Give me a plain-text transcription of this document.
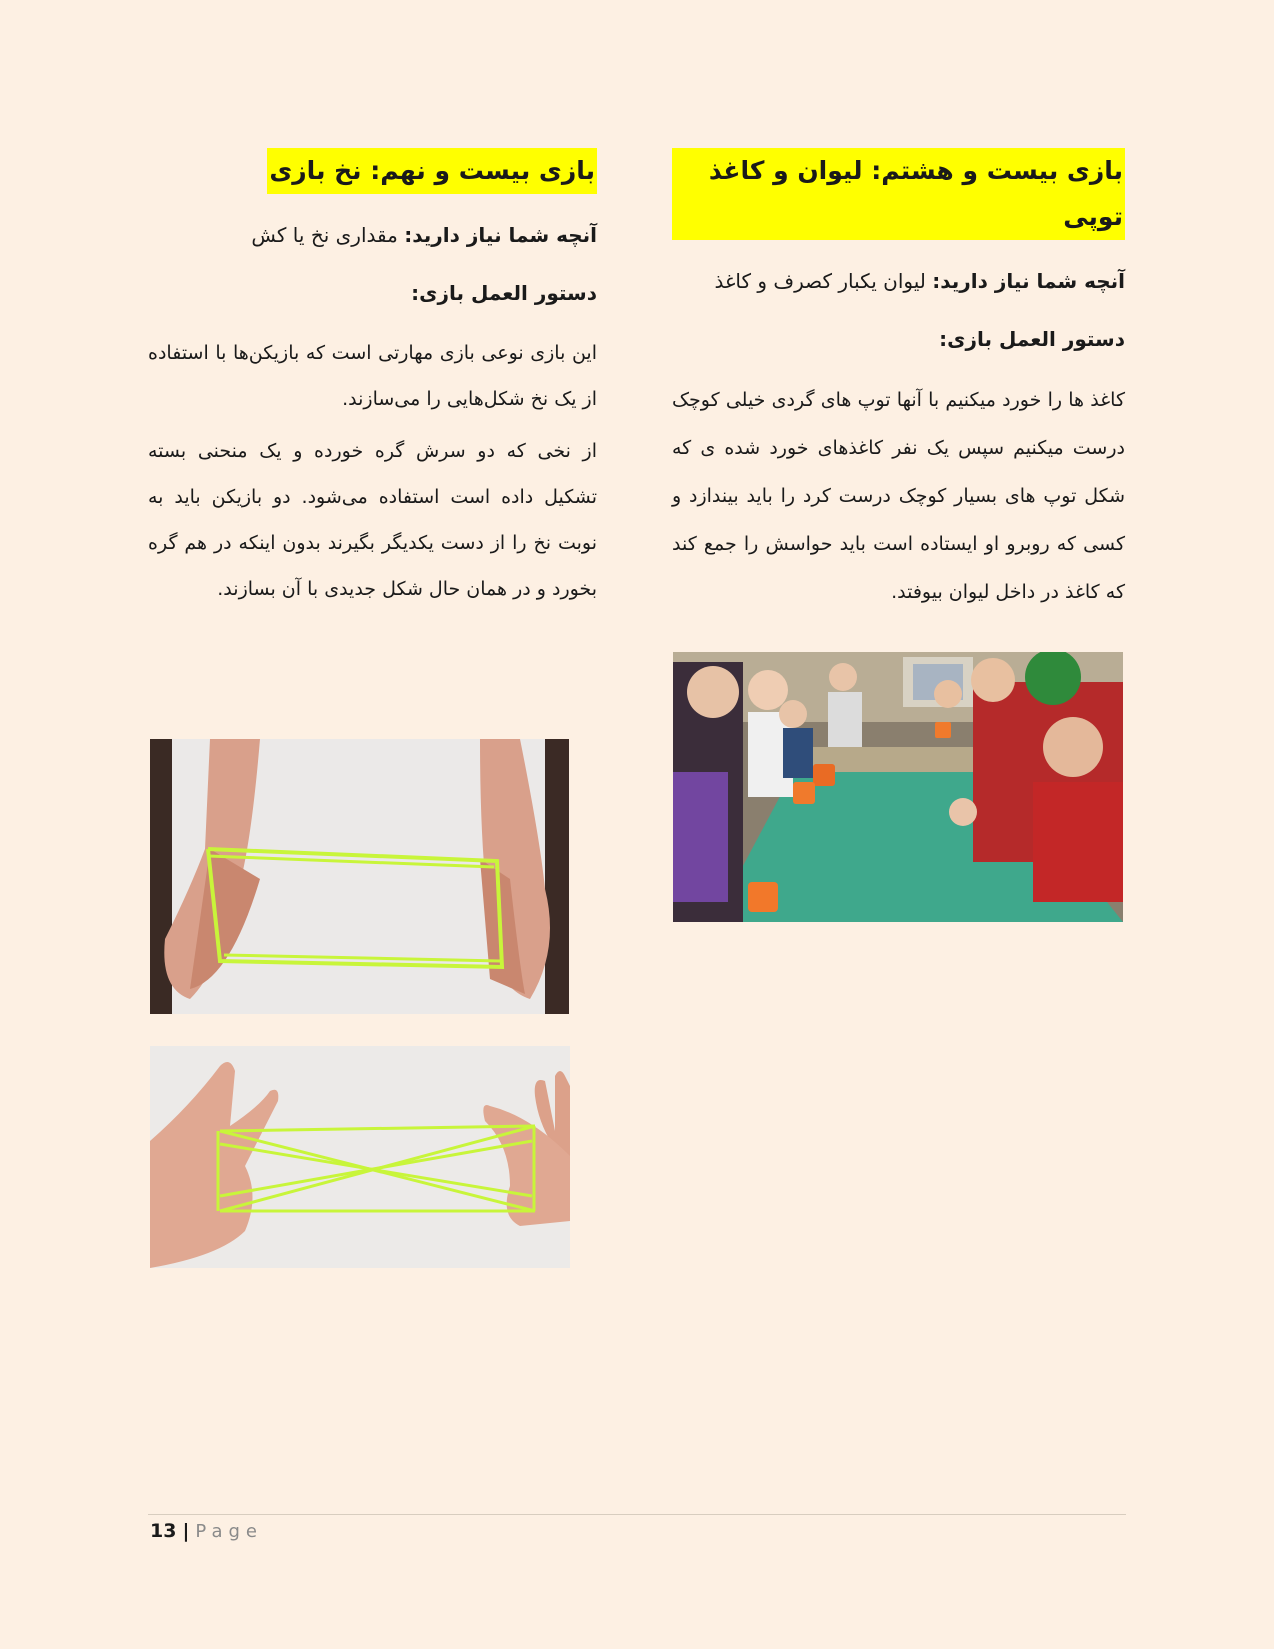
بازی بیست و هشتم: لیوان و کاغذ توپی
آنچه شما نیاز دارید: لیوان یکبار کصرف و کاغذ
دستور العمل بازی:
کاغذ ها را خورد میکنیم با آنها توپ های گردی خیلی کوچک درست میکنیم سپس یک نفر کاغذهای خورد شده ی که شکل توپ های بسیار کوچک درست کرد را باید بیندازد و کسی که روبرو او ایستاده است باید حواسش را جمع کند که کاغذ در داخل لیوان بیوفتد.
بازی بیست و نهم: نخ بازی
آنچه شما نیاز دارید: مقداری نخ یا کش
دستور العمل بازی:
این بازی نوعی بازی مهارتی است که بازیکن‌ها با استفاده از یک نخ شکل‌هایی را می‌سازند.
از نخی که دو سرش گره خورده و یک منحنی بسته تشکیل داده است استفاده می‌شود. دو بازیکن باید به نوبت نخ را از دست یکدیگر بگیرند بدون اینکه در هم گره بخورد و در همان حال شکل جدیدی با آن بسازند.
13 | Page
